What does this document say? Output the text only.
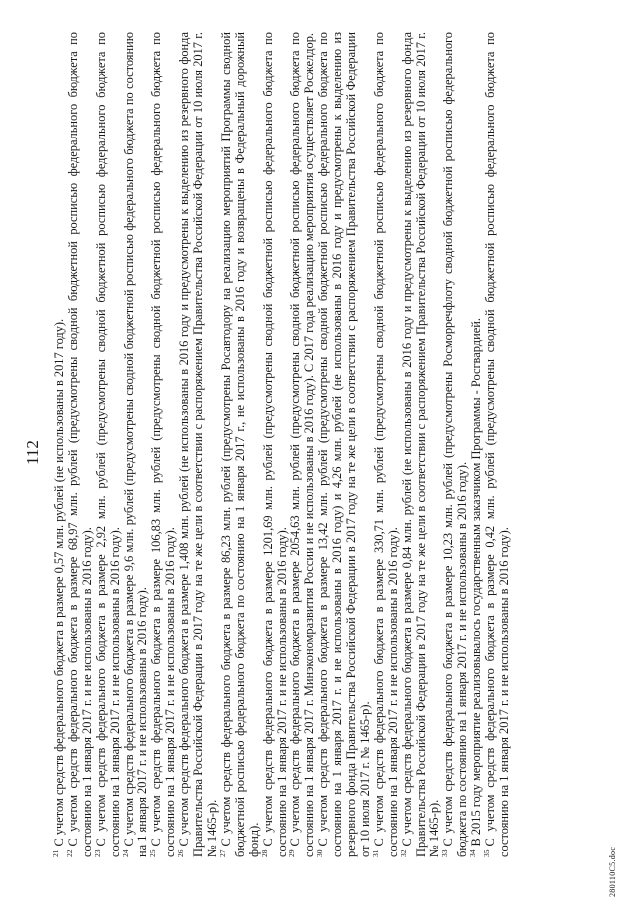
112

$^{21}$С учетом средств федерального бюджета в размере 0,57 млн. рублей (не использованы в 2017 году).

$^{22}$С учетом средств федерального бюджета в размере 68,97 млн. рублей (предусмотрены сводной бюджетной росписью федерального бюджета по состоянию на 1 января 2017 г. и не использованы в 2016 году).

$^{23}$С учетом средств федерального бюджета в размере 2,92 млн. рублей (предусмотрены сводной бюджетной росписью федерального бюджета по состоянию на 1 января 2017 г. и не использованы в 2016 году).

$^{24}$С учетом средств федерального бюджета в размере 9,6 млн. рублей (предусмотрены сводной бюджетной росписью федерального бюджета по состоянию на 1 января 2017 г. и не использованы в 2016 году).

$^{25}$С учетом средств федерального бюджета в размере 106,83 млн. рублей (предусмотрены сводной бюджетной росписью федерального бюджета по состоянию на 1 января 2017 г. и не использованы в 2016 году).

$^{26}$С учетом средств федерального бюджета в размере 1,408 млн. рублей (не использованы в 2016 году и предусмотрены к выделению из резервного фонда Правительства Российской Федерации в 2017 году на те же цели в соответствии с распоряжением Правительства Российской Федерации от 10 июля 2017 г. № 1465-р).

$^{27}$С учетом средств федерального бюджета в размере 86,23 млн. рублей (предусмотрены Росавтодору на реализацию мероприятий Программы сводной бюджетной росписью федерального бюджета по состоянию на 1 января 2017 г., не использованы в 2016 году и возвращены в Федеральный дорожный фонд).

$^{28}$С учетом средств федерального бюджета в размере 1201,69 млн. рублей (предусмотрены сводной бюджетной росписью федерального бюджета по состоянию на 1 января 2017 г. и не использованы в 2016 году).

$^{29}$С учетом средств федерального бюджета в размере 2054,63 млн. рублей (предусмотрены сводной бюджетной росписью федерального бюджета по состоянию на 1 января 2017 г. Минэкономразвития России и не использованы в 2016 году). С 2017 года реализацию мероприятия осуществляет Росжелдор.

$^{30}$С учетом средств федерального бюджета в размере 13,42 млн. рублей (предусмотрены сводной бюджетной росписью федерального бюджета по состоянию на 1 января 2017 г. и не использованы в 2016 году) и 4,26 млн. рублей (не использованы в 2016 году и предусмотрены к выделению из резервного фонда Правительства Российской Федерации в 2017 году на те же цели в соответствии с распоряжением Правительства Российской Федерации от 10 июля 2017 г. № 1465-р).

$^{31}$С учетом средств федерального бюджета в размере 330,71 млн. рублей (предусмотрены сводной бюджетной росписью федерального бюджета по состоянию на 1 января 2017 г. и не использованы в 2016 году).

$^{32}$С учетом средств федерального бюджета в размере 0,84 млн. рублей (не использованы в 2016 году и предусмотрены к выделению из резервного фонда Правительства Российской Федерации в 2017 году на те же цели в соответствии с распоряжением Правительства Российской Федерации от 10 июля 2017 г. № 1465-р).

$^{33}$С учетом средств федерального бюджета в размере 10,23 млн. рублей (предусмотрены Росморречфлоту сводной бюджетной росписью федерального бюджета по состоянию на 1 января 2017 г. и не использованы в 2016 году).

$^{34}$В 2015 году мероприятие реализовывалось государственным заказчиком Программы - Росгвардией.

$^{35}$С учетом средств федерального бюджета в размере 0,42 млн. рублей (предусмотрены сводной бюджетной росписью федерального бюджета по состоянию на 1 января 2017 г. и не использованы в 2016 году).

280110C5.doc
